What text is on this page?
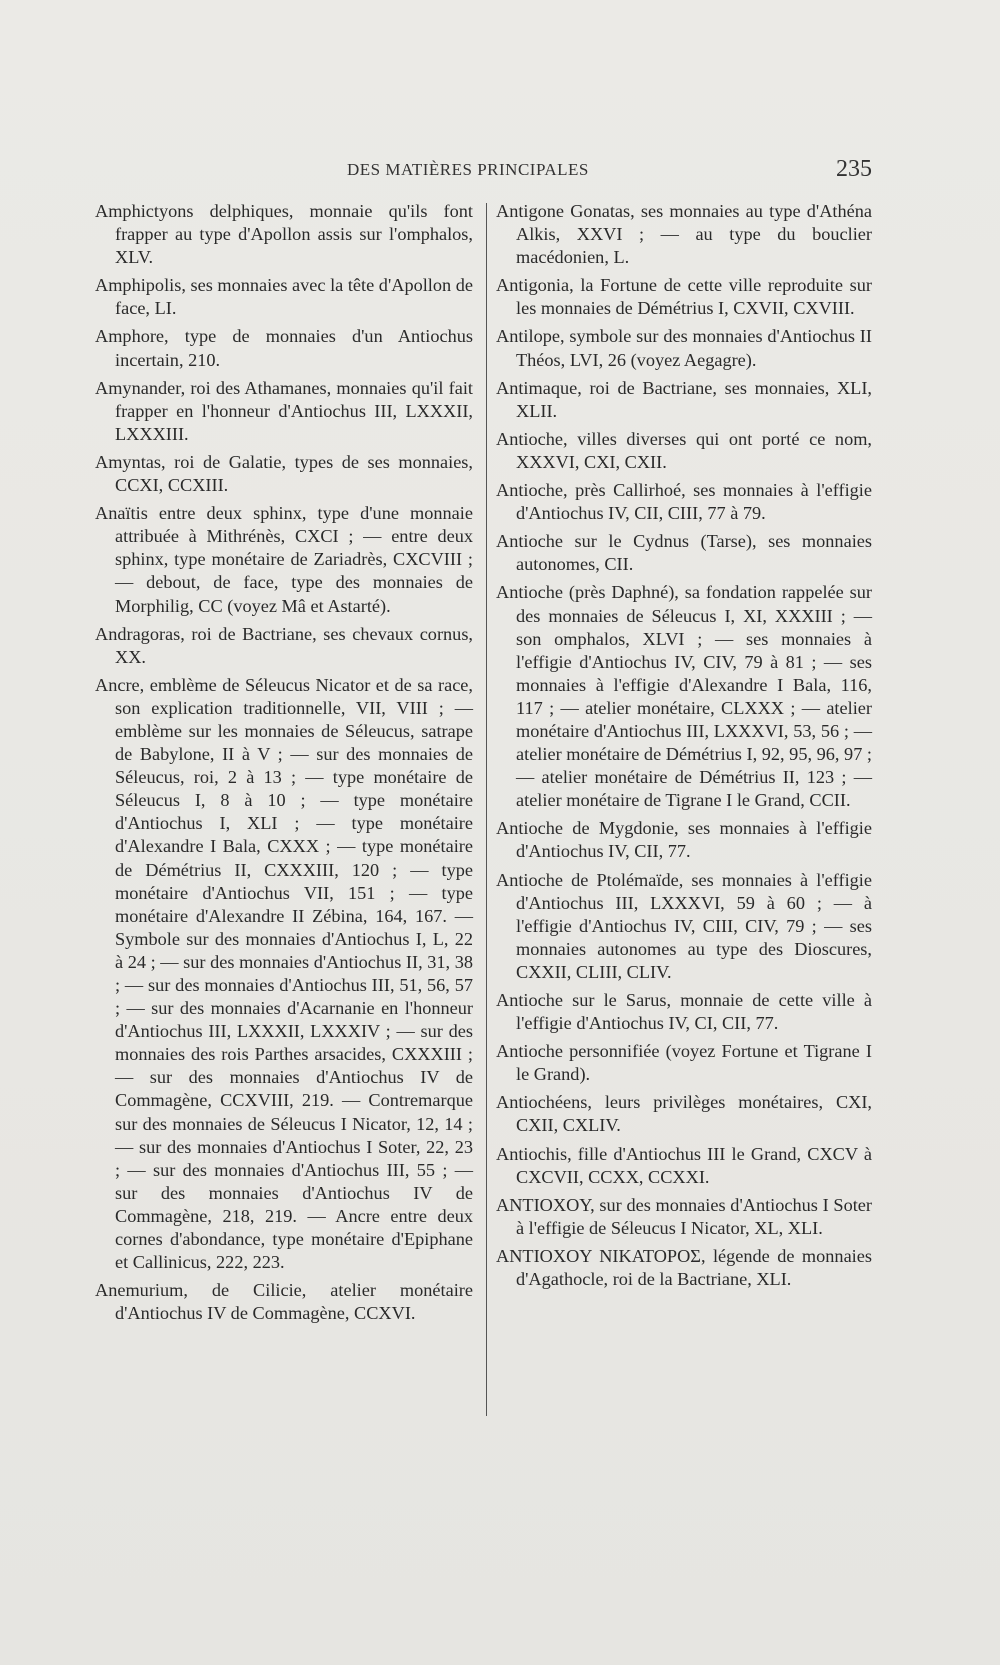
DES MATIÈRES PRINCIPALES	235

Amphictyons delphiques, monnaie qu'ils font frapper au type d'Apollon assis sur l'omphalos, XLV.

Amphipolis, ses monnaies avec la tête d'Apollon de face, LI.

Amphore, type de monnaies d'un Antiochus incertain, 210.

Amynander, roi des Athamanes, monnaies qu'il fait frapper en l'honneur d'Antiochus III, LXXXII, LXXXIII.

Amyntas, roi de Galatie, types de ses monnaies, CCXI, CCXIII.

Anaïtis entre deux sphinx, type d'une monnaie attribuée à Mithrénès, CXCI ; — entre deux sphinx, type monétaire de Zariadrès, CXCVIII ; — debout, de face, type des monnaies de Morphilig, CC (voyez Mâ et Astarté).

Andragoras, roi de Bactriane, ses chevaux cornus, XX.

Ancre, emblème de Séleucus Nicator et de sa race, son explication traditionnelle, VII, VIII ; — emblème sur les monnaies de Séleucus, satrape de Babylone, II à V ; — sur des monnaies de Séleucus, roi, 2 à 13 ; — type monétaire de Séleucus I, 8 à 10 ; — type monétaire d'Antiochus I, XLI ; — type monétaire d'Alexandre I Bala, CXXX ; — type monétaire de Démétrius II, CXXXIII, 120 ; — type monétaire d'Antiochus VII, 151 ; — type monétaire d'Alexandre II Zébina, 164, 167. — Symbole sur des monnaies d'Antiochus I, L, 22 à 24 ; — sur des monnaies d'Antiochus II, 31, 38 ; — sur des monnaies d'Antiochus III, 51, 56, 57 ; — sur des monnaies d'Acarnanie en l'honneur d'Antiochus III, LXXXII, LXXXIV ; — sur des monnaies des rois Parthes arsacides, CXXXIII ; — sur des monnaies d'Antiochus IV de Commagène, CCXVIII, 219. — Contremarque sur des monnaies de Séleucus I Nicator, 12, 14 ; — sur des monnaies d'Antiochus I Soter, 22, 23 ; — sur des monnaies d'Antiochus III, 55 ; — sur des monnaies d'Antiochus IV de Commagène, 218, 219. — Ancre entre deux cornes d'abondance, type monétaire d'Epiphane et Callinicus, 222, 223.

Anemurium, de Cilicie, atelier monétaire d'Antiochus IV de Commagène, CCXVI.

Antigone Gonatas, ses monnaies au type d'Athéna Alkis, XXVI ; — au type du bouclier macédonien, L.

Antigonia, la Fortune de cette ville reproduite sur les monnaies de Démétrius I, CXVII, CXVIII.

Antilope, symbole sur des monnaies d'Antiochus II Théos, LVI, 26 (voyez Aegagre).

Antimaque, roi de Bactriane, ses monnaies, XLI, XLII.

Antioche, villes diverses qui ont porté ce nom, XXXVI, CXI, CXII.

Antioche, près Callirhoé, ses monnaies à l'effigie d'Antiochus IV, CII, CIII, 77 à 79.

Antioche sur le Cydnus (Tarse), ses monnaies autonomes, CII.

Antioche (près Daphné), sa fondation rappelée sur des monnaies de Séleucus I, XI, XXXIII ; — son omphalos, XLVI ; — ses monnaies à l'effigie d'Antiochus IV, CIV, 79 à 81 ; — ses monnaies à l'effigie d'Alexandre I Bala, 116, 117 ; — atelier monétaire, CLXXX ; — atelier monétaire d'Antiochus III, LXXXVI, 53, 56 ; — atelier monétaire de Démétrius I, 92, 95, 96, 97 ; — atelier monétaire de Démétrius II, 123 ; — atelier monétaire de Tigrane I le Grand, CCII.

Antioche de Mygdonie, ses monnaies à l'effigie d'Antiochus IV, CII, 77.

Antioche de Ptolémaïde, ses monnaies à l'effigie d'Antiochus III, LXXXVI, 59 à 60 ; — à l'effigie d'Antiochus IV, CIII, CIV, 79 ; — ses monnaies autonomes au type des Dioscures, CXXII, CLIII, CLIV.

Antioche sur le Sarus, monnaie de cette ville à l'effigie d'Antiochus IV, CI, CII, 77.

Antioche personnifiée (voyez Fortune et Tigrane I le Grand).

Antiochéens, leurs privilèges monétaires, CXI, CXII, CXLIV.

Antiochis, fille d'Antiochus III le Grand, CXCV à CXCVII, CCXX, CCXXI.

ANTIOXOY, sur des monnaies d'Antiochus I Soter à l'effigie de Séleucus I Nicator, XL, XLI.

ANTIOXOY NIKATOPOΣ, légende de monnaies d'Agathocle, roi de la Bactriane, XLI.
